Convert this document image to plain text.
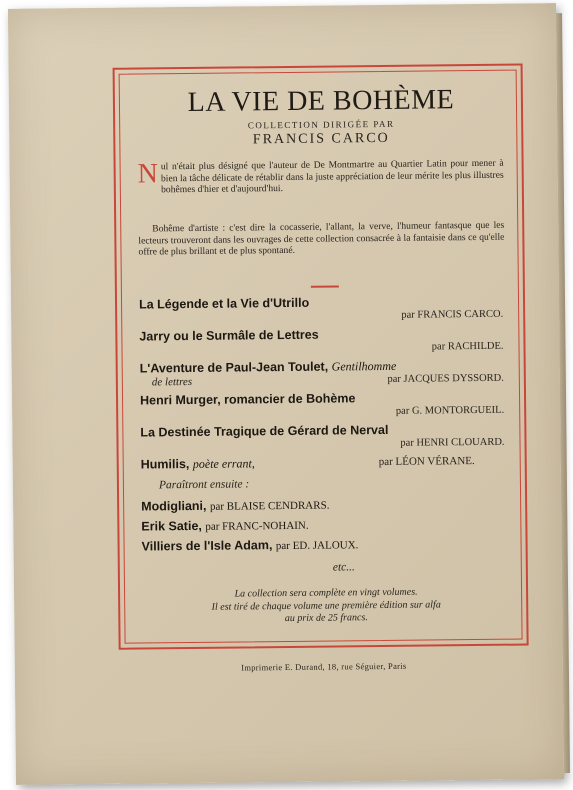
LA VIE DE BOHÈME
COLLECTION DIRIGÉE PAR
FRANCIS CARCO
Nul n'était plus désigné que l'auteur de De Montmartre au Quartier Latin pour mener à bien la tâche délicate de rétablir dans la juste appréciation de leur mérite les plus illustres bohêmes d'hier et d'aujourd'hui.
Bohême d'artiste : c'est dire la cocasserie, l'allant, la verve, l'humeur fantasque que les lecteurs trouveront dans les ouvrages de cette collection consacrée à la fantaisie dans ce qu'elle offre de plus brillant et de plus spontané.
La Légende et la Vie d'Utrillo
par FRANCIS CARCO.
Jarry ou le Surmâle de Lettres
par RACHILDE.
L'Aventure de Paul-Jean Toulet, Gentilhomme
de lettres	par JACQUES DYSSORD.
Henri Murger, romancier de Bohème
par G. MONTORGUEIL.
La Destinée Tragique de Gérard de Nerval
par HENRI CLOUARD.
Humilis, poète errant,	par LÉON VÉRANE.
Paraîtront ensuite :
Modigliani, par BLAISE CENDRARS.
Erik Satie, par FRANC-NOHAIN.
Villiers de l'Isle Adam, par ED. JALOUX.
etc...
La collection sera complète en vingt volumes.
Il est tiré de chaque volume une première édition sur alfa
au prix de 25 francs.
Imprimerie E. Durand, 18, rue Séguier, Paris
